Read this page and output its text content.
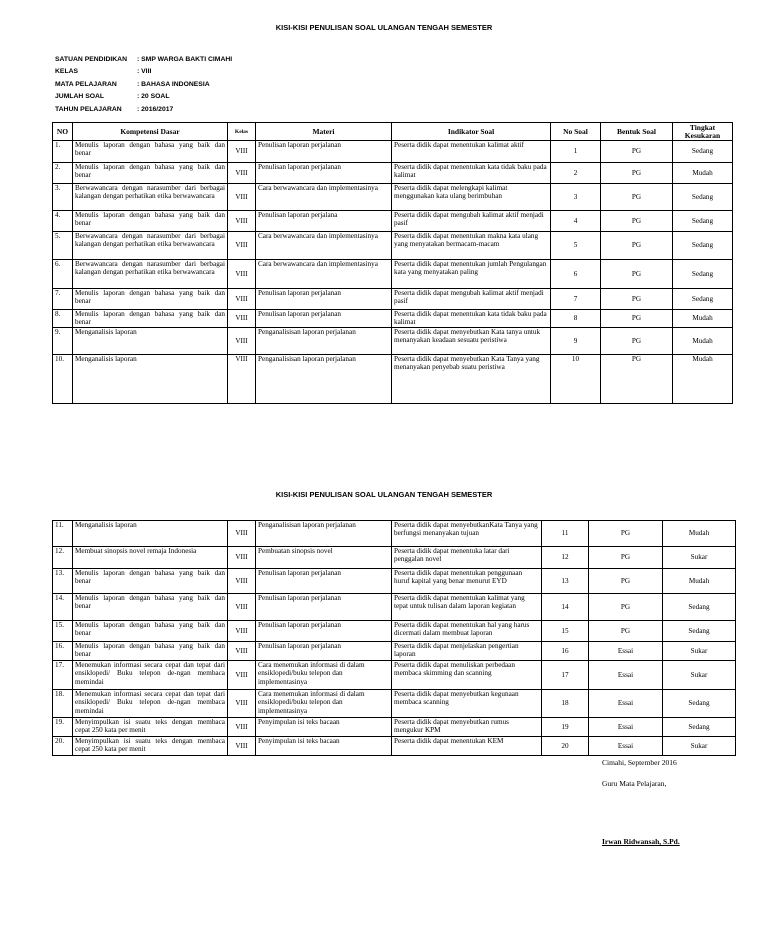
KISI-KISI PENULISAN SOAL ULANGAN TENGAH SEMESTER
SATUAN PENDIDIKAN : SMP WARGA BAKTI CIMAHI
KELAS	: VIII
MATA PELAJARAN	: BAHASA INDONESIA
JUMLAH SOAL	: 20 SOAL
TAHUN PELAJARAN : 2016/2017
NO	Kompetensi Dasar	Kelas	Materi	Indikator Soal	No Soal	Bentuk Soal	Tingkat Kesukaran
1.	Menulis laporan dengan bahasa yang baik dan benar	VIII	Penulisan laporan perjalanan	Peserta didik dapat menentukan kalimat aktif	1	PG	Sedang
2.	Menulis laporan dengan bahasa yang baik dan benar	VIII	Penulisan laporan perjalanan	Peserta didik dapat menentukan kata tidak baku pada kalimat	2	PG	Mudah
3.	Berwawancara dengan narasumber dari berbagai kalangan dengan perhatikan etika berwawancara	VIII	Cara berwawancara dan implementasinya	Peserta didik dapat melengkapi kalimat menggunakan kata ulang berimbuhan	3	PG	Sedang
4.	Menulis laporan dengan bahasa yang baik dan benar	VIII	Penulisan laporan perjalana	Peserta didik dapat mengubah kalimat aktif menjadi pasif	4	PG	Sedang
5.	Berwawancara dengan narasumber dari berbagai kalangan dengan perhatikan etika berwawancara	VIII	Cara berwawancara dan implementasinya	Peserta didik dapat menentukan makna kata ulang yang menyatakan bermacam-macam	5	PG	Sedang
6.	Berwawancara dengan narasumber dari berbagai kalangan dengan perhatikan etika berwawancara	VIII	Cara berwawancara dan implementasinya	Peserta didik dapat menentukan jumlah Pengulangan kata yang menyatakan paling	6	PG	Sedang
7.	Menulis laporan dengan bahasa yang baik dan benar	VIII	Penulisan laporan perjalanan	Peserta didik dapat mengubah kalimat aktif menjadi pasif	7	PG	Sedang
8.	Menulis laporan dengan bahasa yang baik dan benar	VIII	Penulisan laporan perjalanan	Peserta didik dapat menentukan kata tidak baku pada kalimat	8	PG	Mudah
9.	Menganalisis laporan	VIII	Penganalisisan laporan perjalanan	Peserta didik dapat menyebutkan Kata tanya untuk menanyakan keadaan sesuatu peristiwa	9	PG	Mudah
10.	Menganalisis laporan	VIII	Penganalisisan laporan perjalanan	Peserta didik dapat menyebutkan Kata Tanya yang menanyakan penyebab suatu peristiwa	10	PG	Mudah
KISI-KISI PENULISAN SOAL ULANGAN TENGAH SEMESTER
11.	Menganalisis laporan	VIII	Penganalisisan laporan perjalanan	Peserta didik dapat menyebutkanKata Tanya yang berfungsi menanyakan tujuan	11	PG	Mudah
12.	Membuat sinopsis novel remaja Indonesia	VIII	Pembuatan sinopsis novel	Peserta didik dapat menentuka latar dari penggalan novel	12	PG	Sukar
13.	Menulis laporan dengan bahasa yang baik dan benar	VIII	Penulisan laporan perjalanan	Peserta didik dapat menentukan penggunaan huruf kapital yang benar menurut EYD	13	PG	Mudah
14.	Menulis laporan dengan bahasa yang baik dan benar	VIII	Penulisan laporan perjalanan	Peserta didik dapat menentukan kalimat yang tepat untuk tulisan dalam laporan kegiatan	14	PG	Sedang
15.	Menulis laporan dengan bahasa yang baik dan benar	VIII	Penulisan laporan perjalanan	Peserta didik dapat menentukan hal yang harus dicermati dalam membuat laporan	15	PG	Sedang
16.	Menulis laporan dengan bahasa yang baik dan benar	VIII	Penulisan laporan perjalanan	Peserta didik dapat menjelaskan pengertian laporan	16	Essai	Sukar
17.	Menemukan informasi secara cepat dan tepat dari ensiklopedi/ Buku telepon de-ngan membaca memindai	VIII	Cara menemukan informasi di dalam ensiklopedi/buku telepon dan implementasinya	Peserta didik dapat menuliskan perbedaan membaca skimming dan scanning	17	Essai	Sukar
18.	Menemukan informasi secara cepat dan tepat dari ensiklopedi/ Buku telepon de-ngan membaca memindai	VIII	Cara menemukan informasi di dalam ensiklopedi/buku telepon dan implementasinya	Peserta didik dapat menyebutkan kegunaan membaca scanning	18	Essai	Sedang
19.	Menyimpulkan isi suatu teks dengan membaca cepat 250 kata per menit	VIII	Penyimpulan isi teks bacaan	Peserta didik dapat menyebutkan rumus mengukur KPM	19	Essai	Sedang
20.	Menyimpulkan isi suatu teks dengan membaca cepat 250 kata per menit	VIII	Penyimpulan isi teks bacaan	Peserta didik dapat menentukan KEM	20	Essai	Sukar
Cimahi, September 2016
Guru Mata Pelajaran,
Irwan Ridwansah, S.Pd.
